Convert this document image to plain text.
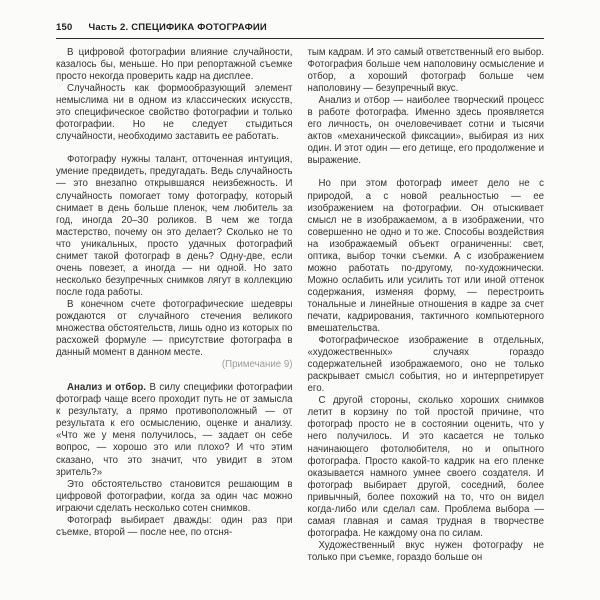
150 Часть 2. СПЕЦИФИКА ФОТОГРАФИИ

В цифровой фотографии влияние случайности, казалось бы, меньше. Но при репортажной съемке просто некогда проверить кадр на дисплее.

Случайность как формообразующий элемент немыслима ни в одном из классических искусств, это специфическое свойство фотографии и только фотографии. Но не следует стыдиться случайности, необходимо заставить ее работать.

Фотографу нужны талант, отточенная интуиция, умение предвидеть, предугадать. Ведь случайность — это внезапно открывшаяся неизбежность. И случайность помогает тому фотографу, который снимает в день больше пленок, чем любитель за год, иногда 20–30 роликов. В чем же тогда мастерство, почему он это делает? Сколько не то что уникальных, просто удачных фотографий снимет такой фотограф в день? Одну-две, если очень повезет, а иногда — ни одной. Но зато несколько безупречных снимков лягут в коллекцию после года работы.

В конечном счете фотографические шедевры рождаются от случайного стечения великого множества обстоятельств, лишь одно из которых по расхожей формуле — присутствие фотографа в данный момент в данном месте.

(Примечание 9)

Анализ и отбор. В силу специфики фотографии фотограф чаще всего проходит путь не от замысла к результату, а прямо противоположный — от результата к его осмыслению, оценке и анализу. «Что же у меня получилось, — задает он себе вопрос, — хорошо это или плохо? И что этим сказано, что это значит, что увидит в этом зритель?»

Это обстоятельство становится решающим в цифровой фотографии, когда за один час можно играючи сделать несколько сотен снимков.

Фотограф выбирает дважды: один раз при съемке, второй — после нее, по отсня-

тым кадрам. И это самый ответственный его выбор. Фотография больше чем наполовину осмысление и отбор, а хороший фотограф больше чем наполовину — безупречный вкус.

Анализ и отбор — наиболее творческий процесс в работе фотографа. Именно здесь проявляется его личность, он очеловечивает сотни и тысячи актов «механической фиксации», выбирая из них один. И этот один — его детище, его продолжение и выражение.

Но при этом фотограф имеет дело не с природой, а с новой реальностью — ее изображением на фотографии. Он отыскивает смысл не в изображаемом, а в изображении, что совершенно не одно и то же. Способы воздействия на изображаемый объект ограниченны: свет, оптика, выбор точки съемки. А с изображением можно работать по-другому, по-художнически. Можно ослабить или усилить тот или иной оттенок содержания, изменяя форму, — перестроить тональные и линейные отношения в кадре за счет печати, кадрирования, тактичного компьютерного вмешательства.

Фотографическое изображение в отдельных, «художественных» случаях гораздо содержательней изображаемого, оно не только раскрывает смысл события, но и интерпретирует его.

С другой стороны, сколько хороших снимков летит в корзину по той простой причине, что фотограф просто не в состоянии оценить, что у него получилось. И это касается не только начинающего фотолюбителя, но и опытного фотографа. Просто какой-то кадрик на его пленке оказывается намного умнее своего создателя. И фотограф выбирает другой, соседний, более привычный, более похожий на то, что он видел когда-либо или сделал сам. Проблема выбора — самая главная и самая трудная в творчестве фотографа. Не каждому она по силам.

Художественный вкус нужен фотографу не только при съемке, гораздо больше он
